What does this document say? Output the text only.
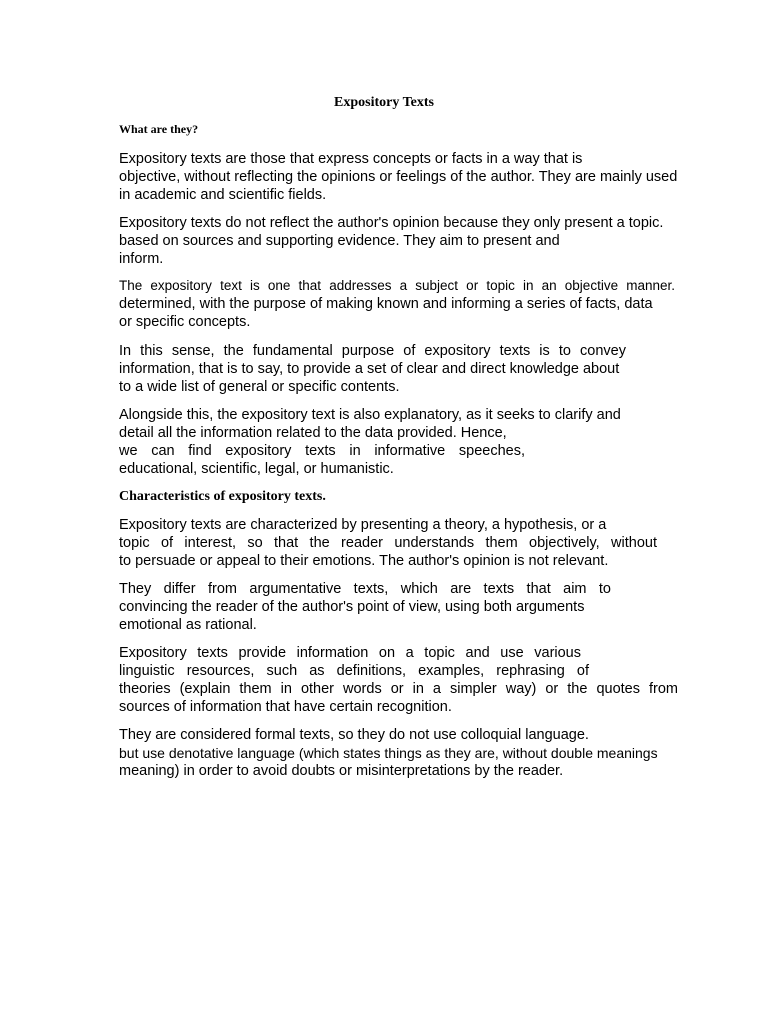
Expository Texts
What are they?
Expository texts are those that express concepts or facts in a way that is
objective, without reflecting the opinions or feelings of the author. They are mainly used
in academic and scientific fields.
Expository texts do not reflect the author's opinion because they only present a topic.
based on sources and supporting evidence. They aim to present and
inform.
The expository text is one that addresses a subject or topic in an objective manner.
determined, with the purpose of making known and informing a series of facts, data
or specific concepts.
In this sense, the fundamental purpose of expository texts is to convey
information, that is to say, to provide a set of clear and direct knowledge about
to a wide list of general or specific contents.
Alongside this, the expository text is also explanatory, as it seeks to clarify and
detail all the information related to the data provided. Hence,
we can find expository texts in informative speeches,
educational, scientific, legal, or humanistic.
Characteristics of expository texts.
Expository texts are characterized by presenting a theory, a hypothesis, or a
topic of interest, so that the reader understands them objectively, without
to persuade or appeal to their emotions. The author's opinion is not relevant.
They differ from argumentative texts, which are texts that aim to
convincing the reader of the author's point of view, using both arguments
emotional as rational.
Expository texts provide information on a topic and use various
linguistic resources, such as definitions, examples, rephrasing of
theories (explain them in other words or in a simpler way) or the quotes from
sources of information that have certain recognition.
They are considered formal texts, so they do not use colloquial language.
but use denotative language (which states things as they are, without double meanings
meaning) in order to avoid doubts or misinterpretations by the reader.
